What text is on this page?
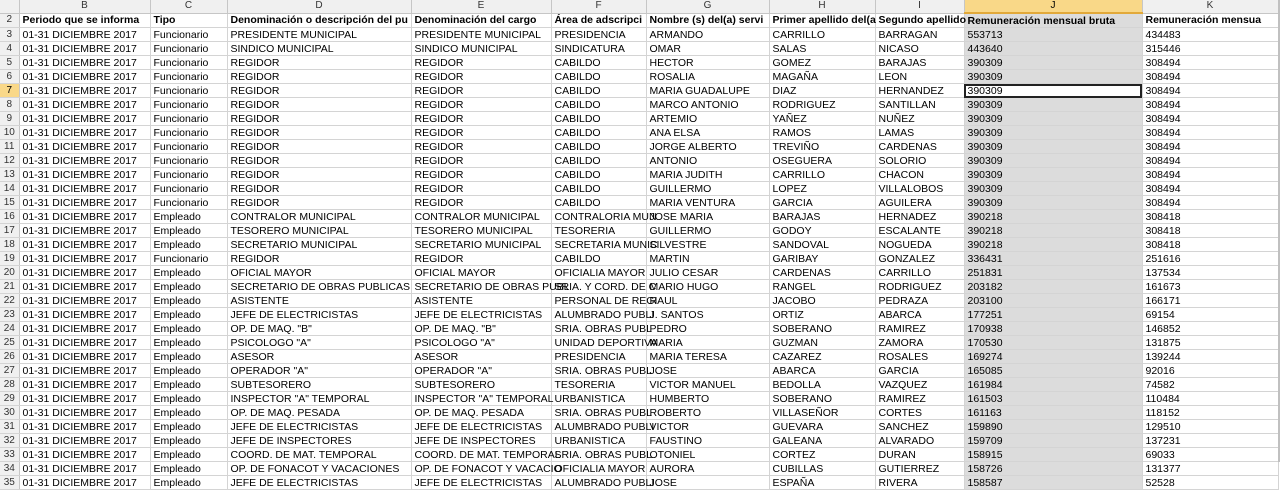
	B	C	D	E	F	G	H	I	J	K
2	Periodo que se informa	Tipo	Denominación o descripción del pu	Denominación del cargo	Área de adscripci	Nombre (s) del(a) servi	Primer apellido del(a	Segundo apellido	Remuneración mensual bruta	Remuneración mensua
3	01-31 DICIEMBRE 2017	Funcionario	PRESIDENTE MUNICIPAL	PRESIDENTE MUNICIPAL	PRESIDENCIA	ARMANDO	CARRILLO	BARRAGAN	553713	434483
4	01-31 DICIEMBRE 2017	Funcionario	SINDICO MUNICIPAL	SINDICO MUNICIPAL	SINDICATURA	OMAR	SALAS	NICASO	443640	315446
5	01-31 DICIEMBRE 2017	Funcionario	REGIDOR	REGIDOR	CABILDO	HECTOR	GOMEZ	BARAJAS	390309	308494
6	01-31 DICIEMBRE 2017	Funcionario	REGIDOR	REGIDOR	CABILDO	ROSALIA	MAGAÑA	LEON	390309	308494
7	01-31 DICIEMBRE 2017	Funcionario	REGIDOR	REGIDOR	CABILDO	MARIA GUADALUPE	DIAZ	HERNANDEZ	390309	308494
8	01-31 DICIEMBRE 2017	Funcionario	REGIDOR	REGIDOR	CABILDO	MARCO ANTONIO	RODRIGUEZ	SANTILLAN	390309	308494
9	01-31 DICIEMBRE 2017	Funcionario	REGIDOR	REGIDOR	CABILDO	ARTEMIO	YAÑEZ	NUÑEZ	390309	308494
10	01-31 DICIEMBRE 2017	Funcionario	REGIDOR	REGIDOR	CABILDO	ANA ELSA	RAMOS	LAMAS	390309	308494
11	01-31 DICIEMBRE 2017	Funcionario	REGIDOR	REGIDOR	CABILDO	JORGE ALBERTO	TREVIÑO	CARDENAS	390309	308494
12	01-31 DICIEMBRE 2017	Funcionario	REGIDOR	REGIDOR	CABILDO	ANTONIO	OSEGUERA	SOLORIO	390309	308494
13	01-31 DICIEMBRE 2017	Funcionario	REGIDOR	REGIDOR	CABILDO	MARIA JUDITH	CARRILLO	CHACON	390309	308494
14	01-31 DICIEMBRE 2017	Funcionario	REGIDOR	REGIDOR	CABILDO	GUILLERMO	LOPEZ	VILLALOBOS	390309	308494
15	01-31 DICIEMBRE 2017	Funcionario	REGIDOR	REGIDOR	CABILDO	MARIA VENTURA	GARCIA	AGUILERA	390309	308494
16	01-31 DICIEMBRE 2017	Empleado	CONTRALOR MUNICIPAL	CONTRALOR MUNICIPAL	CONTRALORIA MUN	JOSE MARIA	BARAJAS	HERNADEZ	390218	308418
17	01-31 DICIEMBRE 2017	Empleado	TESORERO MUNICIPAL	TESORERO MUNICIPAL	TESORERIA	GUILLERMO	GODOY	ESCALANTE	390218	308418
18	01-31 DICIEMBRE 2017	Empleado	SECRETARIO MUNICIPAL	SECRETARIO MUNICIPAL	SECRETARIA MUNIC	SILVESTRE	SANDOVAL	NOGUEDA	390218	308418
19	01-31 DICIEMBRE 2017	Funcionario	REGIDOR	REGIDOR	CABILDO	MARTIN	GARIBAY	GONZALEZ	336431	251616
20	01-31 DICIEMBRE 2017	Empleado	OFICIAL MAYOR	OFICIAL MAYOR	OFICIALIA MAYOR	JULIO CESAR	CARDENAS	CARRILLO	251831	137534
21	01-31 DICIEMBRE 2017	Empleado	SECRETARIO DE OBRAS PUBLICAS	SECRETARIO DE OBRAS PUBL	SRIA. Y CORD. DE C	MARIO HUGO	RANGEL	RODRIGUEZ	203182	161673
22	01-31 DICIEMBRE 2017	Empleado	ASISTENTE	ASISTENTE	PERSONAL DE REGI	RAUL	JACOBO	PEDRAZA	203100	166171
23	01-31 DICIEMBRE 2017	Empleado	JEFE DE ELECTRICISTAS	JEFE DE ELECTRICISTAS	ALUMBRADO PUBLI	J. SANTOS	ORTIZ	ABARCA	177251	69154
24	01-31 DICIEMBRE 2017	Empleado	OP. DE MAQ. "B"	OP. DE MAQ. "B"	SRIA. OBRAS PUBL	PEDRO	SOBERANO	RAMIREZ	170938	146852
25	01-31 DICIEMBRE 2017	Empleado	PSICOLOGO "A"	PSICOLOGO "A"	UNIDAD DEPORTIVA	MARIA	GUZMAN	ZAMORA	170530	131875
26	01-31 DICIEMBRE 2017	Empleado	ASESOR	ASESOR	PRESIDENCIA	MARIA TERESA	CAZAREZ	ROSALES	169274	139244
27	01-31 DICIEMBRE 2017	Empleado	OPERADOR "A"	OPERADOR "A"	SRIA. OBRAS PUBL	JOSE	ABARCA	GARCIA	165085	92016
28	01-31 DICIEMBRE 2017	Empleado	SUBTESORERO	SUBTESORERO	TESORERIA	VICTOR MANUEL	BEDOLLA	VAZQUEZ	161984	74582
29	01-31 DICIEMBRE 2017	Empleado	INSPECTOR "A" TEMPORAL	INSPECTOR "A" TEMPORAL	URBANISTICA	HUMBERTO	SOBERANO	RAMIREZ	161503	110484
30	01-31 DICIEMBRE 2017	Empleado	OP. DE MAQ. PESADA	OP. DE MAQ. PESADA	SRIA. OBRAS PUBL	ROBERTO	VILLASEÑOR	CORTES	161163	118152
31	01-31 DICIEMBRE 2017	Empleado	JEFE DE ELECTRICISTAS	JEFE DE ELECTRICISTAS	ALUMBRADO PUBLI	VICTOR	GUEVARA	SANCHEZ	159890	129510
32	01-31 DICIEMBRE 2017	Empleado	JEFE DE INSPECTORES	JEFE DE INSPECTORES	URBANISTICA	FAUSTINO	GALEANA	ALVARADO	159709	137231
33	01-31 DICIEMBRE 2017	Empleado	COORD. DE MAT. TEMPORAL	COORD. DE MAT. TEMPORAL	SRIA. OBRAS PUBL	OTONIEL	CORTEZ	DURAN	158915	69033
34	01-31 DICIEMBRE 2017	Empleado	OP. DE FONACOT Y VACACIONES	OP. DE FONACOT Y VACACIO	OFICIALIA MAYOR	AURORA	CUBILLAS	GUTIERREZ	158726	131377
35	01-31 DICIEMBRE 2017	Empleado	JEFE DE ELECTRICISTAS	JEFE DE ELECTRICISTAS	ALUMBRADO PUBLI	JOSE	ESPAÑA	RIVERA	158587	52528
